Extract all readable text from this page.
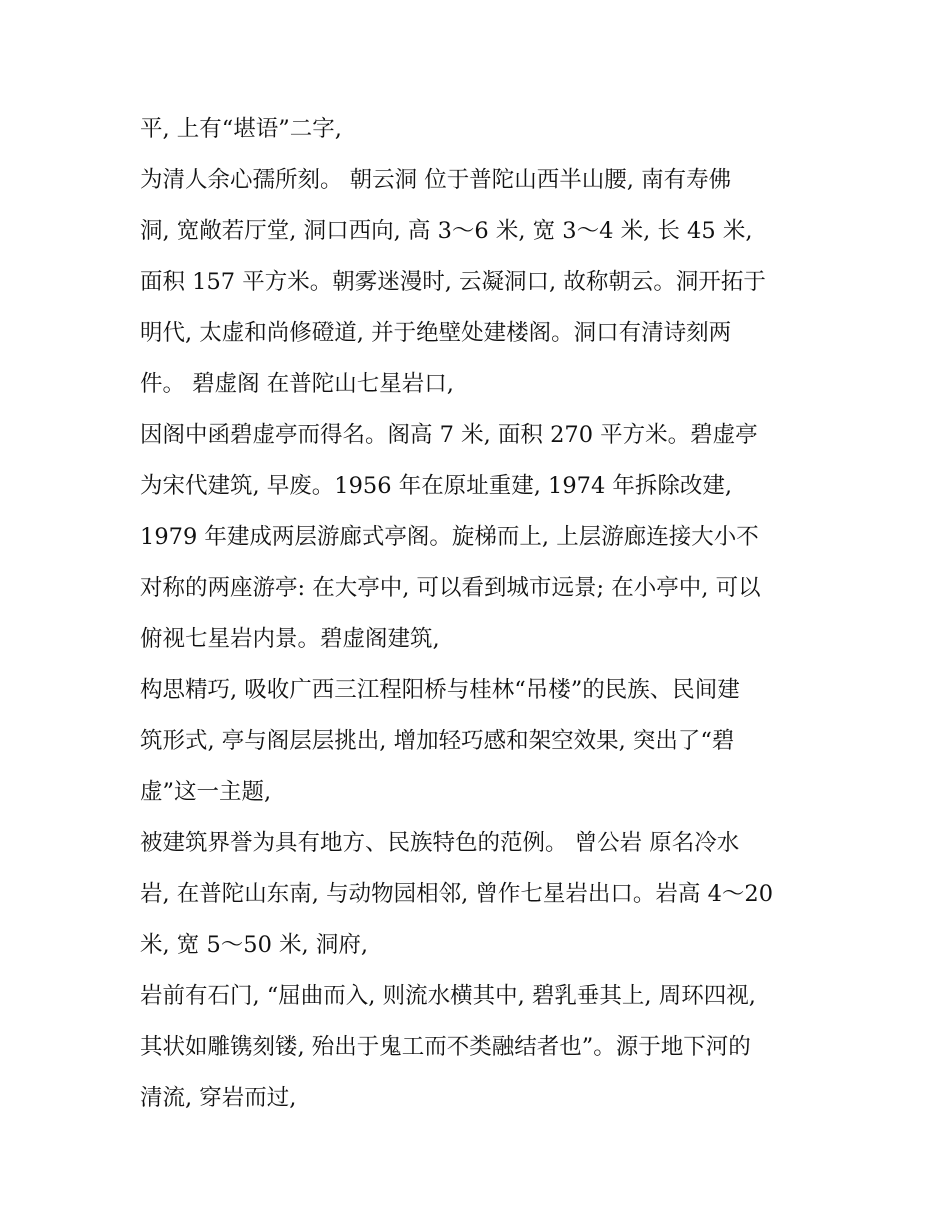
平, 上有“堪语”二字,
为清人余心孺所刻。 朝云洞 位于普陀山西半山腰, 南有寿佛
洞, 宽敞若厅堂, 洞口西向, 高 3～6 米, 宽 3～4 米, 长 45 米,
面积 157 平方米。朝雾迷漫时, 云凝洞口, 故称朝云。洞开拓于
明代, 太虚和尚修磴道, 并于绝壁处建楼阁。洞口有清诗刻两
件。 碧虚阁 在普陀山七星岩口,
因阁中函碧虚亭而得名。阁高 7 米, 面积 270 平方米。碧虚亭
为宋代建筑, 早废。1956 年在原址重建, 1974 年拆除改建,
1979 年建成两层游廊式亭阁。旋梯而上, 上层游廊连接大小不
对称的两座游亭: 在大亭中, 可以看到城市远景; 在小亭中, 可以
俯视七星岩内景。碧虚阁建筑,
构思精巧, 吸收广西三江程阳桥与桂林“吊楼”的民族、民间建
筑形式, 亭与阁层层挑出, 增加轻巧感和架空效果, 突出了“碧
虚”这一主题,
被建筑界誉为具有地方、民族特色的范例。 曾公岩 原名冷水
岩, 在普陀山东南, 与动物园相邻, 曾作七星岩出口。岩高 4～20
米, 宽 5～50 米, 洞府,
岩前有石门, “屈曲而入, 则流水横其中, 碧乳垂其上, 周环四视,
其状如雕镌刻镂, 殆出于鬼工而不类融结者也”。源于地下河的
清流, 穿岩而过,
